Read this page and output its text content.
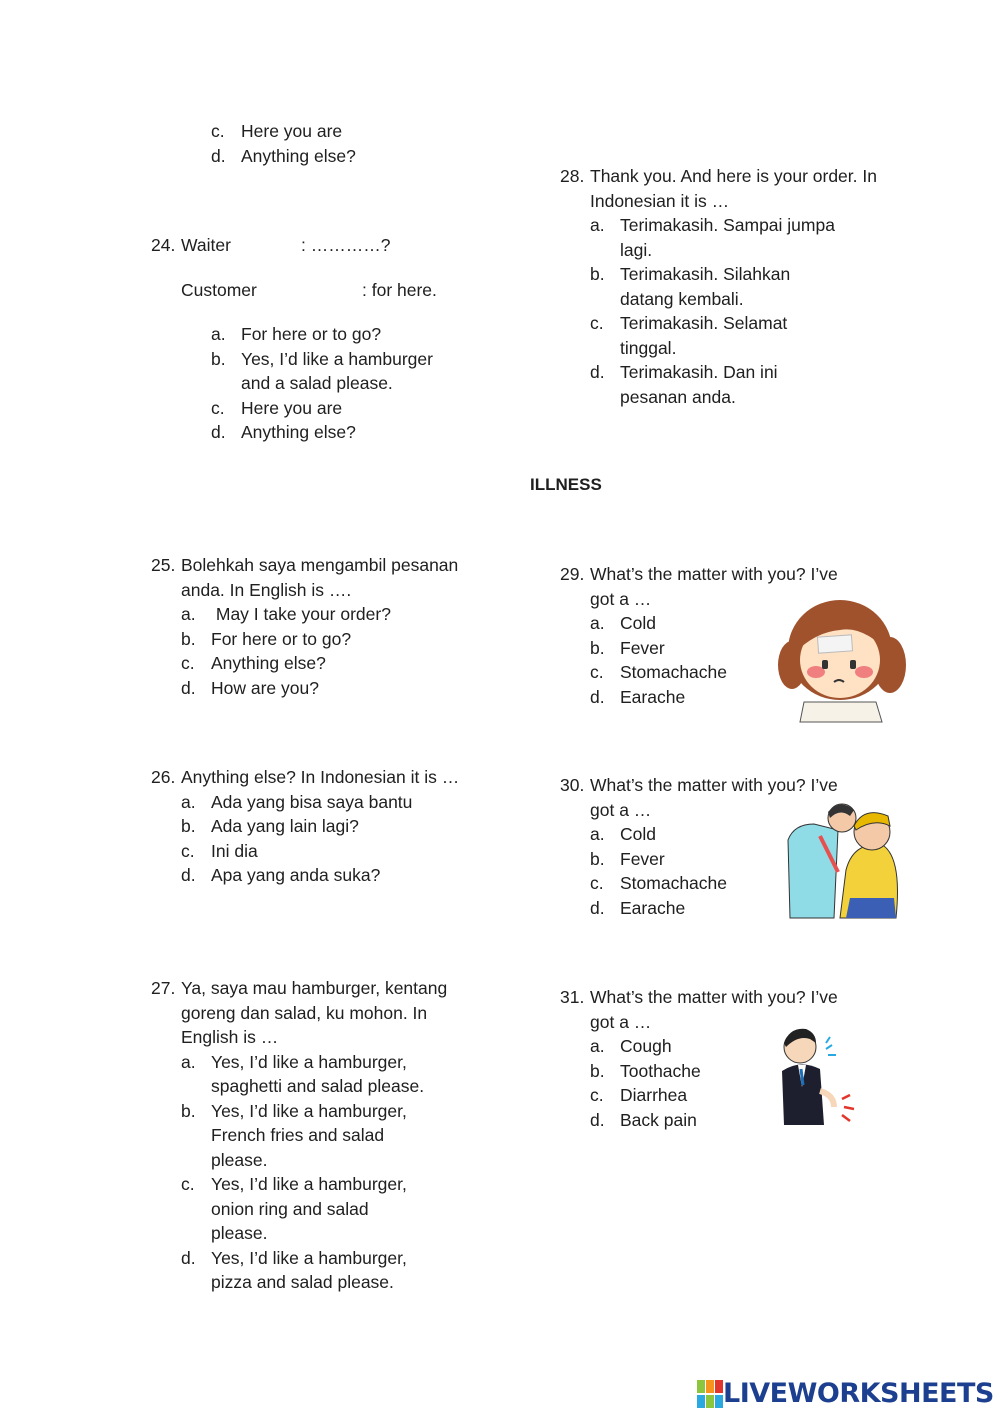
c. Here you are
d. Anything else?
24. Waiter	: …………?
Customer	: for here.
a. For here or to go?
b. Yes, I’d like a hamburger and a salad please.
c. Here you are
d. Anything else?
25. Bolehkah saya mengambil pesanan anda. In English is ….
a. May I take your order?
b. For here or to go?
c. Anything else?
d. How are you?
26. Anything else? In Indonesian it is …
a. Ada yang bisa saya bantu
b. Ada yang lain lagi?
c. Ini dia
d. Apa yang anda suka?
27. Ya, saya mau hamburger, kentang goreng dan salad, ku mohon. In English is …
a. Yes, I’d like a hamburger, spaghetti and salad please.
b. Yes, I’d like a hamburger, French fries and salad please.
c. Yes, I’d like a hamburger, onion ring and salad please.
d. Yes, I’d like a hamburger, pizza and salad please.
28. Thank you. And here is your order. In Indonesian it is …
a. Terimakasih. Sampai jumpa lagi.
b. Terimakasih. Silahkan datang kembali.
c. Terimakasih. Selamat tinggal.
d. Terimakasih. Dan ini pesanan anda.
ILLNESS
29. What’s the matter with you? I’ve got a …
a. Cold
b. Fever
c. Stomachache
d. Earache
30. What’s the matter with you? I’ve got a …
a. Cold
b. Fever
c. Stomachache
d. Earache
31. What’s the matter with you? I’ve got a …
a. Cough
b. Toothache
c. Diarrhea
d. Back pain
LIVEWORKSHEETS
